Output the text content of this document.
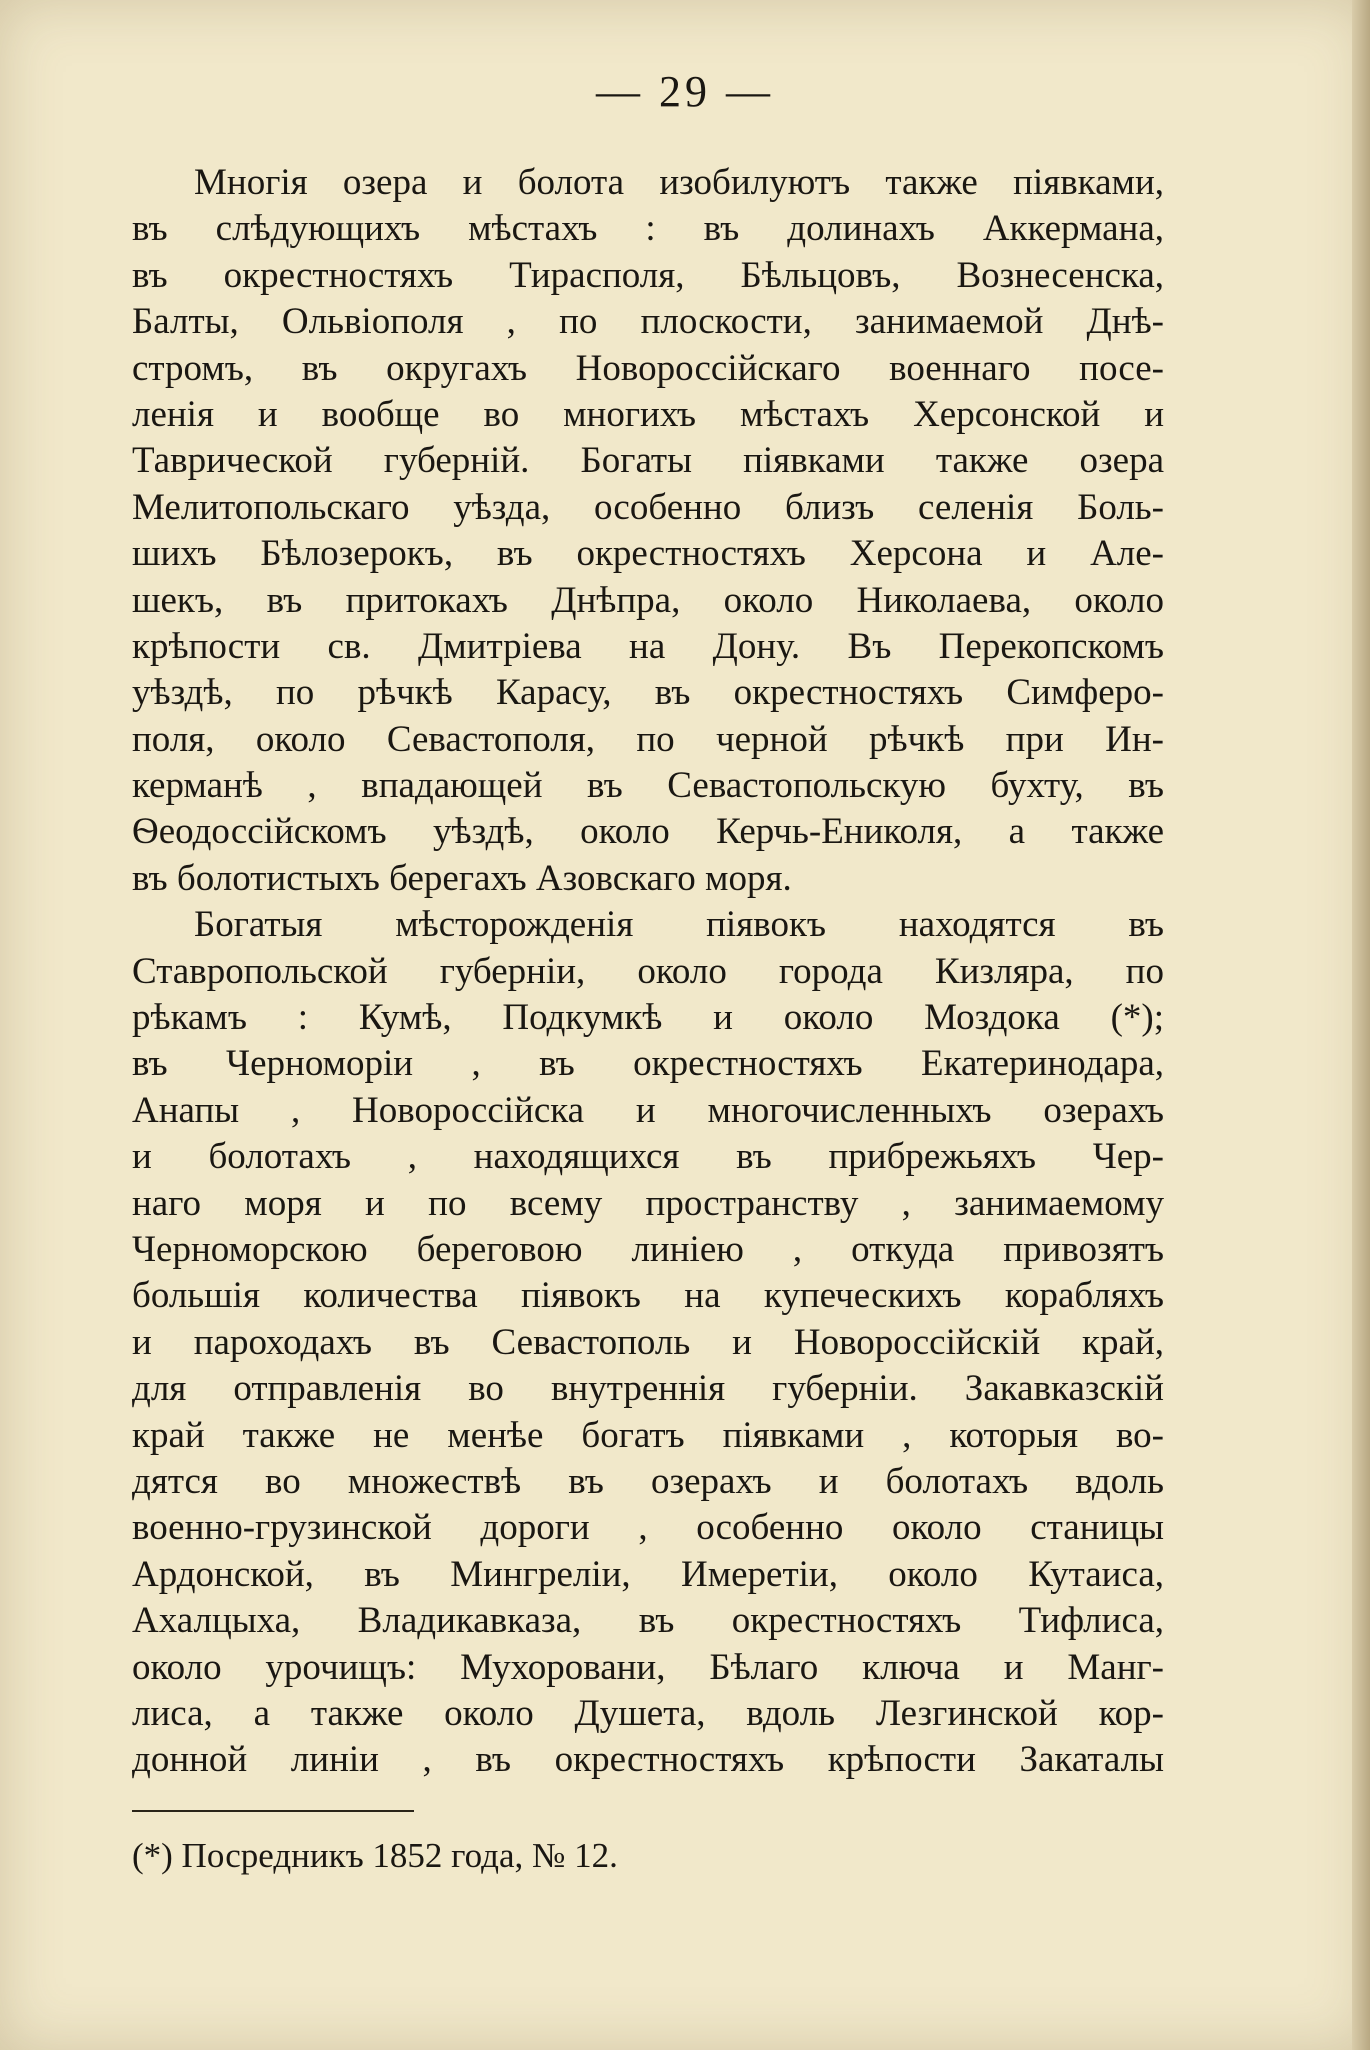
— 29 —
Многія озера и болота изобилуютъ также піявками,
въ слѣдующихъ мѣстахъ : въ долинахъ Аккермана,
въ окрестностяхъ Тирасполя, Бѣльцовъ, Вознесенска,
Балты, Ольвіополя , по плоскости, занимаемой Днѣ-
стромъ, въ округахъ Новороссійскаго военнаго посе-
ленія и вообще во многихъ мѣстахъ Херсонской и
Таврической губерній. Богаты піявками также озера
Мелитопольскаго уѣзда, особенно близъ селенія Боль-
шихъ Бѣлозерокъ, въ окрестностяхъ Херсона и Але-
шекъ, въ притокахъ Днѣпра, около Николаева, около
крѣпости св. Дмитріева на Дону. Въ Перекопскомъ
уѣздѣ, по рѣчкѣ Карасу, въ окрестностяхъ Симферо-
поля, около Севастополя, по черной рѣчкѣ при Ин-
керманѣ , впадающей въ Севастопольскую бухту, въ
Ѳеодоссійскомъ уѣздѣ, около Керчь-Ениколя, а также
въ болотистыхъ берегахъ Азовскаго моря.
Богатыя мѣсторожденія піявокъ находятся въ
Ставропольской губерніи, около города Кизляра, по
рѣкамъ : Кумѣ, Подкумкѣ и около Моздока (*);
въ Черноморіи , въ окрестностяхъ Екатеринодара,
Анапы , Новороссійска и многочисленныхъ озерахъ
и болотахъ , находящихся въ прибрежьяхъ Чер-
наго моря и по всему пространству , занимаемому
Черноморскою береговою линіею , откуда привозятъ
большія количества піявокъ на купеческихъ корабляхъ
и пароходахъ въ Севастополь и Новороссійскій край,
для отправленія во внутреннія губерніи. Закавказскій
край также не менѣе богатъ піявками , которыя во-
дятся во множествѣ въ озерахъ и болотахъ вдоль
военно-грузинской дороги , особенно около станицы
Ардонской, въ Мингреліи, Имеретіи, около Кутаиса,
Ахалцыха, Владикавказа, въ окрестностяхъ Тифлиса,
около урочищъ: Мухоровани, Бѣлаго ключа и Манг-
лиса, а также около Душета, вдоль Лезгинской кор-
донной линіи , въ окрестностяхъ крѣпости Закаталы
(*) Посредникъ 1852 года, № 12.
